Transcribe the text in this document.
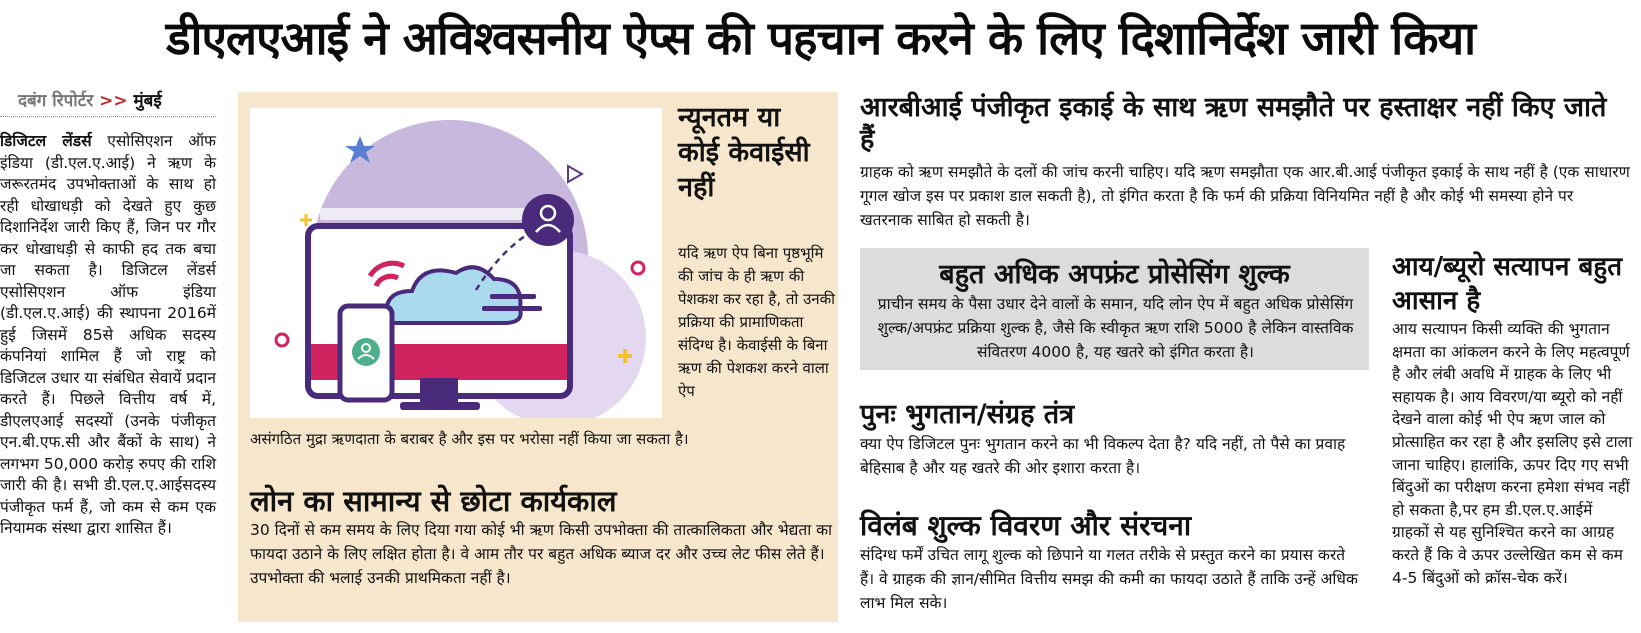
डीएलएआई ने अविश्वसनीय ऐप्स की पहचान करने के लिए दिशानिर्देश जारी किया
दबंग रिपोर्टर >> मुंबई
डिजिटल लेंडर्स एसोसिएशन ऑफ इंडिया (डी.एल.ए.आई) ने ऋण के जरूरतमंद उपभोक्ताओं के साथ हो रही धोखाधड़ी को देखते हुए कुछ दिशानिर्देश जारी किए हैं, जिन पर गौर कर धोखाधड़ी से काफी हद तक बचा जा सकता है। डिजिटल लेंडर्स एसोसिएशन ऑफ इंडिया (डी.एल.ए.आई) की स्थापना 2016में हुई जिसमें 85से अधिक सदस्य कंपनियां शामिल हैं जो राष्ट्र को डिजिटल उधार या संबंधित सेवायें प्रदान करते हैं। पिछले वित्तीय वर्ष में, डीएलएआई सदस्यों (उनके पंजीकृत एन.बी.एफ.सी और बैंकों के साथ) ने लगभग 50,000 करोड़ रुपए की राशि जारी की है। सभी डी.एल.ए.आईसदस्य पंजीकृत फर्म हैं, जो कम से कम एक नियामक संस्था द्वारा शासित हैं।
न्यूनतम या कोई केवाईसी नहीं
यदि ऋण ऐप बिना पृष्ठभूमि की जांच के ही ऋण की पेशकश कर रहा है, तो उनकी प्रक्रिया की प्रामाणिकता संदिग्ध है। केवाईसी के बिना ऋण की पेशकश करने वाला ऐप
असंगठित मुद्रा ऋणदाता के बराबर है और इस पर भरोसा नहीं किया जा सकता है।
लोन का सामान्य से छोटा कार्यकाल
30 दिनों से कम समय के लिए दिया गया कोई भी ऋण किसी उपभोक्ता की तात्कालिकता और भेद्यता का फायदा उठाने के लिए लक्षित होता है। वे आम तौर पर बहुत अधिक ब्याज दर और उच्च लेट फीस लेते हैं। उपभोक्ता की भलाई उनकी प्राथमिकता नहीं है।
आरबीआई पंजीकृत इकाई के साथ ऋण समझौते पर हस्ताक्षर नहीं किए जाते हैं
ग्राहक को ऋण समझौते के दलों की जांच करनी चाहिए। यदि ऋण समझौता एक आर.बी.आई पंजीकृत इकाई के साथ नहीं है (एक साधारण गूगल खोज इस पर प्रकाश डाल सकती है), तो इंगित करता है कि फर्म की प्रक्रिया विनियमित नहीं है और कोई भी समस्या होने पर खतरनाक साबित हो सकती है।
बहुत अधिक अपफ्रंट प्रोसेसिंग शुल्क
प्राचीन समय के पैसा उधार देने वालों के समान, यदि लोन ऐप में बहुत अधिक प्रोसेसिंग शुल्क/अपफ्रंट प्रक्रिया शुल्क है, जैसे कि स्वीकृत ऋण राशि 5000 है लेकिन वास्तविक संवितरण 4000 है, यह खतरे को इंगित करता है।
पुनः भुगतान/संग्रह तंत्र
क्या ऐप डिजिटल पुनः भुगतान करने का भी विकल्प देता है? यदि नहीं, तो पैसे का प्रवाह बेहिसाब है और यह खतरे की ओर इशारा करता है।
विलंब शुल्क विवरण और संरचना
संदिग्ध फर्में उचित लागू शुल्क को छिपाने या गलत तरीके से प्रस्तुत करने का प्रयास करते हैं। वे ग्राहक की ज्ञान/सीमित वित्तीय समझ की कमी का फायदा उठाते हैं ताकि उन्हें अधिक लाभ मिल सके।
आय/ब्यूरो सत्यापन बहुत आसान है
आय सत्यापन किसी व्यक्ति की भुगतान क्षमता का आंकलन करने के लिए महत्वपूर्ण है और लंबी अवधि में ग्राहक के लिए भी सहायक है। आय विवरण/या ब्यूरो को नहीं देखने वाला कोई भी ऐप ऋण जाल को प्रोत्साहित कर रहा है और इसलिए इसे टाला जाना चाहिए। हालांकि, ऊपर दिए गए सभी बिंदुओं का परीक्षण करना हमेशा संभव नहीं हो सकता है,पर हम डी.एल.ए.आईमें ग्राहकों से यह सुनिश्चित करने का आग्रह करते हैं कि वे ऊपर उल्लेखित कम से कम 4-5 बिंदुओं को क्रॉस-चेक करें।
